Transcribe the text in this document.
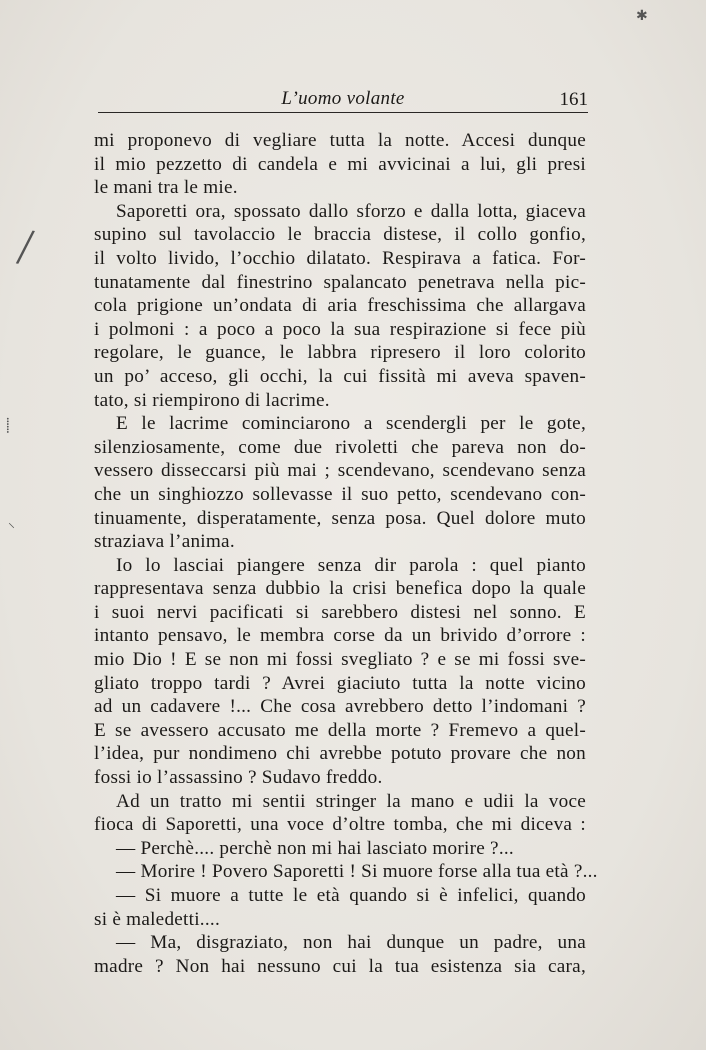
✱
L’uomo volante	161
/
⸽
⸜
mi proponevo di vegliare tutta la notte. Accesi dunque
il mio pezzetto di candela e mi avvicinai a lui, gli presi
le mani tra le mie.
Saporetti ora, spossato dallo sforzo e dalla lotta, giaceva
supino sul tavolaccio le braccia distese, il collo gonfio,
il volto livido, l’occhio dilatato. Respirava a fatica. For-
tunatamente dal finestrino spalancato penetrava nella pic-
cola prigione un’ondata di aria freschissima che allargava
i polmoni : a poco a poco la sua respirazione si fece più
regolare, le guance, le labbra ripresero il loro colorito
un po’ acceso, gli occhi, la cui fissità mi aveva spaven-
tato, si riempirono di lacrime.
E le lacrime cominciarono a scendergli per le gote,
silenziosamente, come due rivoletti che pareva non do-
vessero disseccarsi più mai ; scendevano, scendevano senza
che un singhiozzo sollevasse il suo petto, scendevano con-
tinuamente, disperatamente, senza posa. Quel dolore muto
straziava l’anima.
Io lo lasciai piangere senza dir parola : quel pianto
rappresentava senza dubbio la crisi benefica dopo la quale
i suoi nervi pacificati si sarebbero distesi nel sonno. E
intanto pensavo, le membra corse da un brivido d’orrore :
mio Dio ! E se non mi fossi svegliato ? e se mi fossi sve-
gliato troppo tardi ? Avrei giaciuto tutta la notte vicino
ad un cadavere !... Che cosa avrebbero detto l’indomani ?
E se avessero accusato me della morte ? Fremevo a quel-
l’idea, pur nondimeno chi avrebbe potuto provare che non
fossi io l’assassino ? Sudavo freddo.
Ad un tratto mi sentii stringer la mano e udii la voce
fioca di Saporetti, una voce d’oltre tomba, che mi diceva :
— Perchè.... perchè non mi hai lasciato morire ?...
— Morire ! Povero Saporetti ! Si muore forse alla tua età ?...
— Si muore a tutte le età quando si è infelici, quando
si è maledetti....
— Ma, disgraziato, non hai dunque un padre, una
madre ? Non hai nessuno cui la tua esistenza sia cara,
